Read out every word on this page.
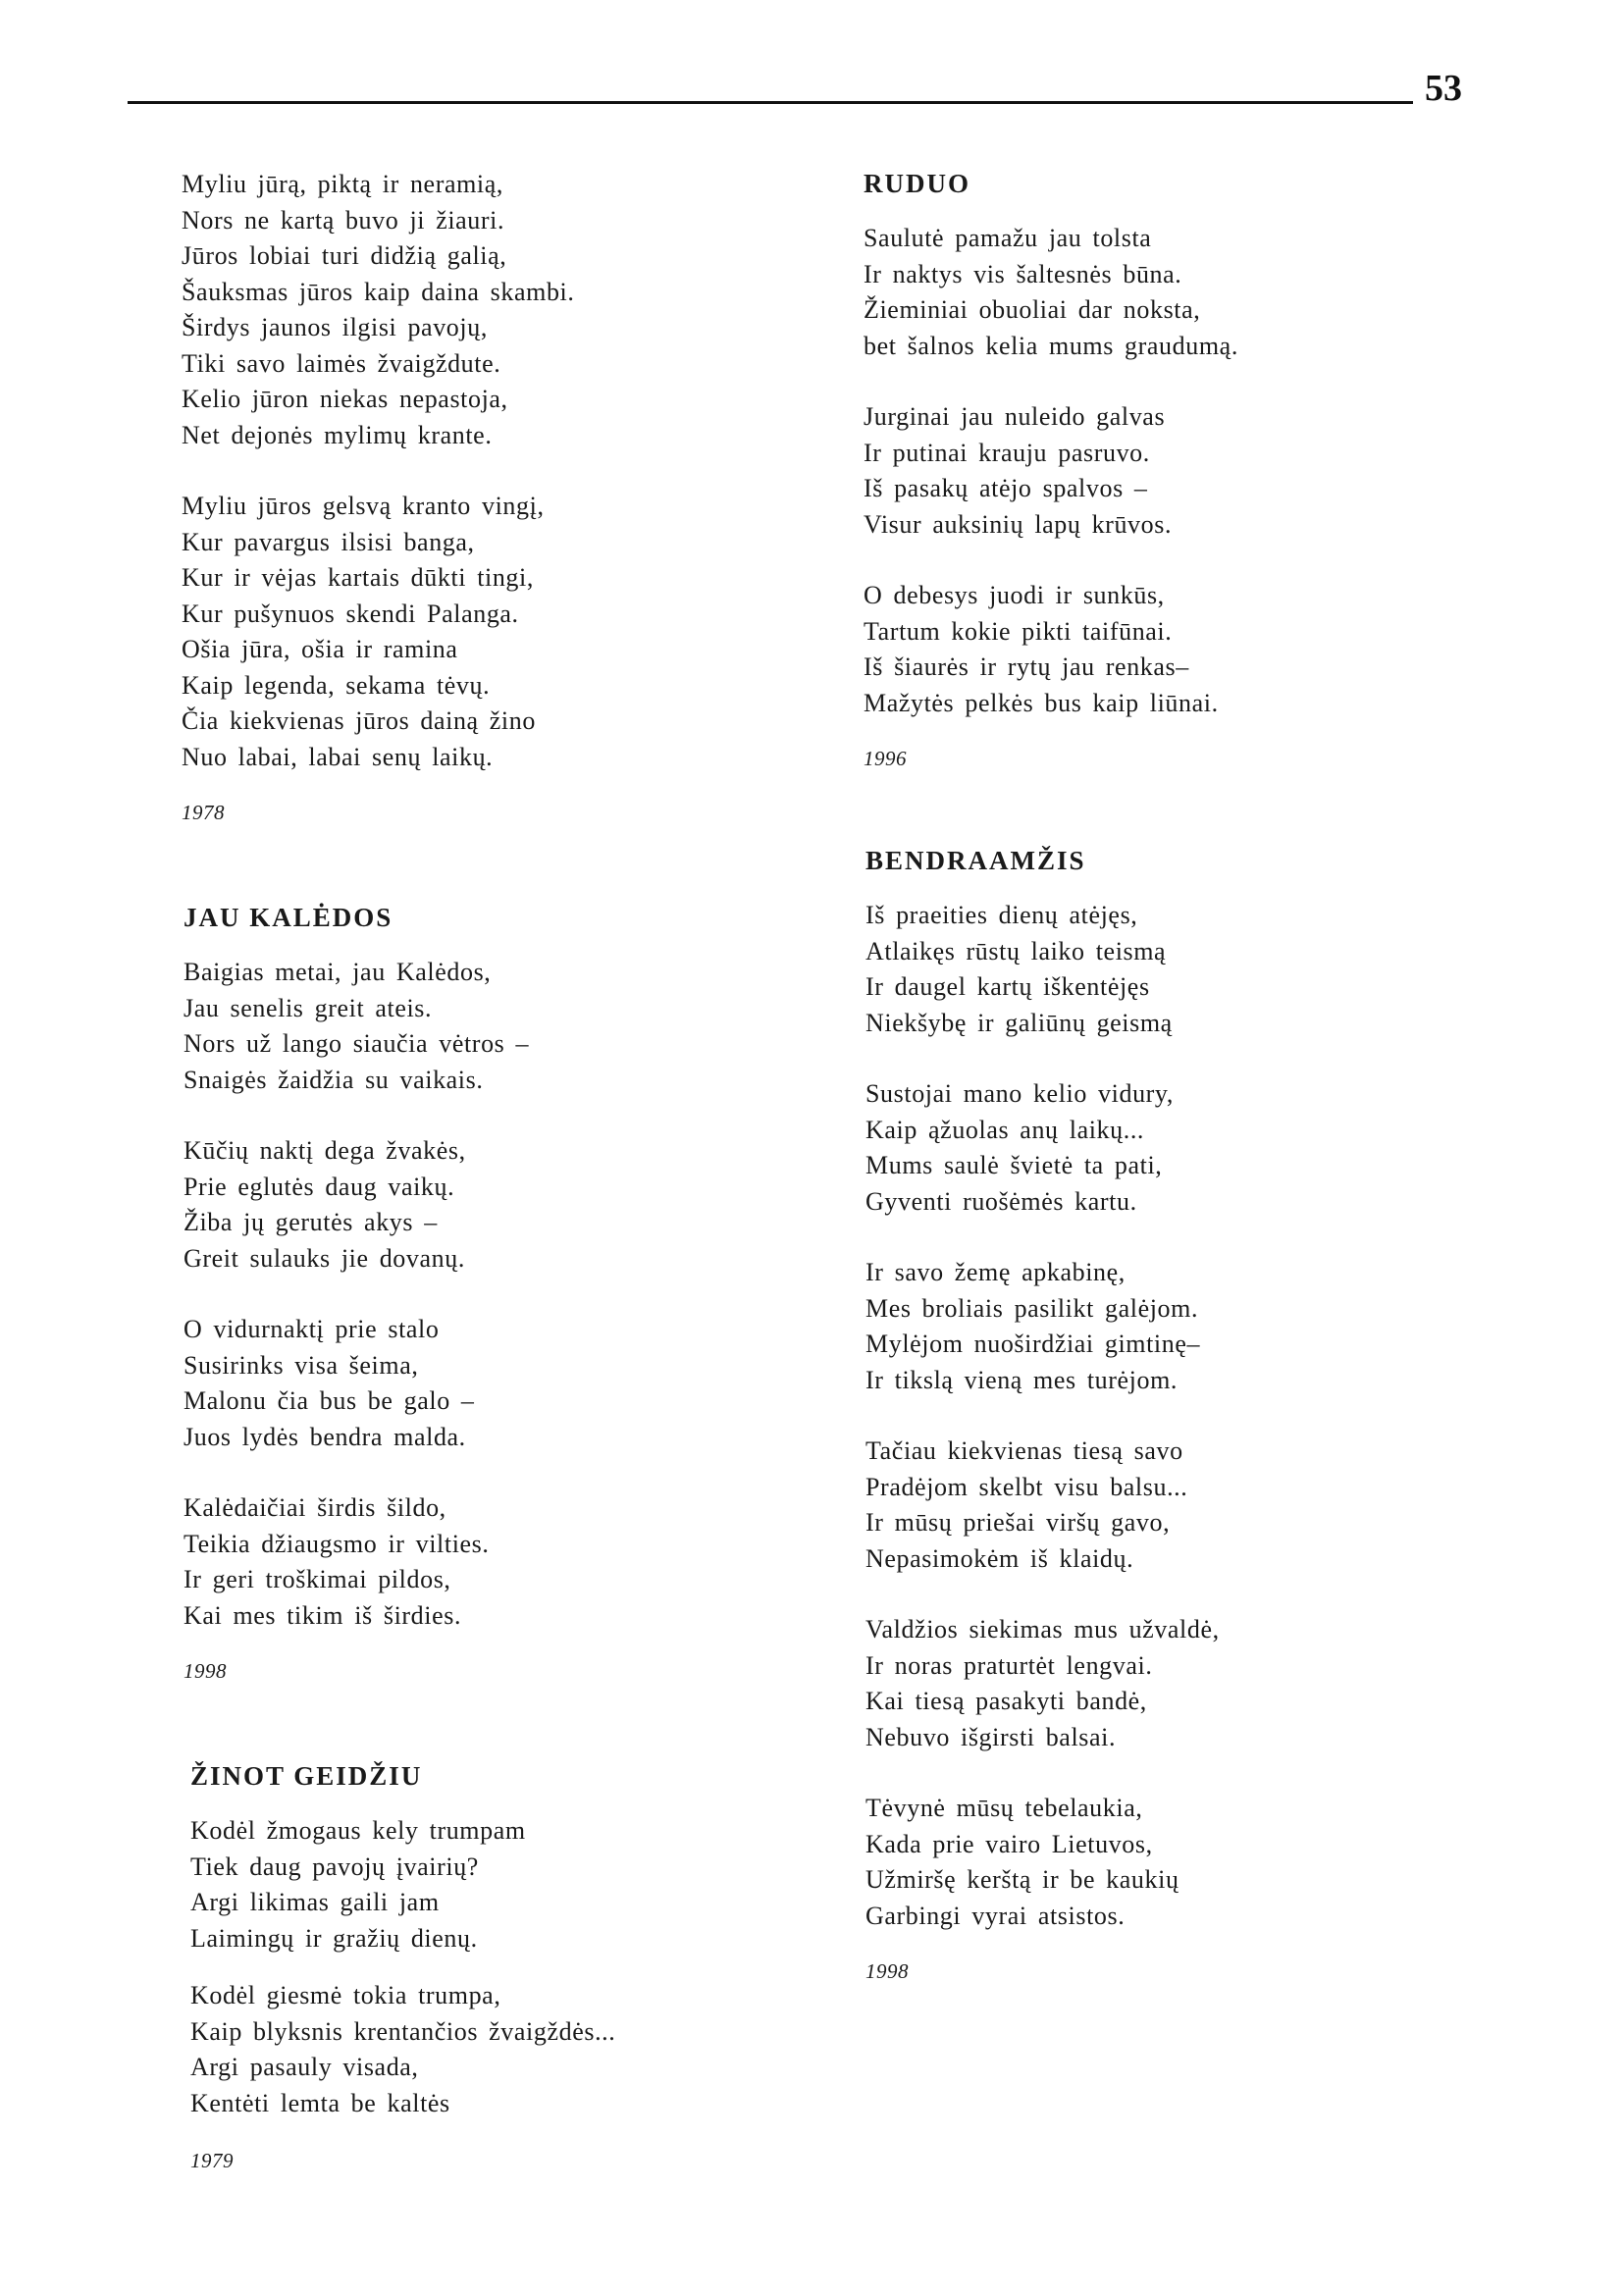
53
Myliu jūrą, piktą ir neramią,
Nors ne kartą buvo ji žiauri.
Jūros lobiai turi didžią galią,
Šauksmas jūros kaip daina skambi.
Širdys jaunos ilgisi pavojų,
Tiki savo laimės žvaigždute.
Kelio jūron niekas nepastoja,
Net dejonės mylimų krante.
Myliu jūros gelsvą kranto vingį,
Kur pavargus ilsisi banga,
Kur ir vėjas kartais dūkti tingi,
Kur pušynuos skendi Palanga.
Ošia jūra, ošia ir ramina
Kaip legenda, sekama tėvų.
Čia kiekvienas jūros dainą žino
Nuo labai, labai senų laikų.
1978
JAU KALĖDOS
Baigias metai, jau Kalėdos,
Jau senelis greit ateis.
Nors už lango siaučia vėtros –
Snaigės žaidžia su vaikais.
Kūčių naktį dega žvakės,
Prie eglutės daug vaikų.
Žiba jų gerutės akys –
Greit sulauks jie dovanų.
O vidurnaktį prie stalo
Susirinks visa šeima,
Malonu čia bus be galo –
Juos lydės bendra malda.
Kalėdaičiai širdis šildo,
Teikia džiaugsmo ir vilties.
Ir geri troškimai pildos,
Kai mes tikim iš širdies.
1998
ŽINOT GEIDŽIU
Kodėl žmogaus kely trumpam
Tiek daug pavojų įvairių?
Argi likimas gaili jam
Laimingų ir gražių dienų.
Kodėl giesmė tokia trumpa,
Kaip blyksnis krentančios žvaigždės...
Argi pasauly visada,
Kentėti lemta be kaltės
1979
RUDUO
Saulutė pamažu jau tolsta
Ir naktys vis šaltesnės būna.
Žieminiai obuoliai dar noksta,
bet šalnos kelia mums graudumą.
Jurginai jau nuleido galvas
Ir putinai krauju pasruvo.
Iš pasakų atėjo spalvos –
Visur auksinių lapų krūvos.
O debesys juodi ir sunkūs,
Tartum kokie pikti taifūnai.
Iš šiaurės ir rytų jau renkas–
Mažytės pelkės bus kaip liūnai.
1996
BENDRAAMŽIS
Iš praeities dienų atėjęs,
Atlaikęs rūstų laiko teismą
Ir daugel kartų iškentėjęs
Niekšybę ir galiūnų geismą
Sustojai mano kelio vidury,
Kaip ąžuolas anų laikų...
Mums saulė švietė ta pati,
Gyventi ruošėmės kartu.
Ir savo žemę apkabinę,
Mes broliais pasilikt galėjom.
Mylėjom nuoširdžiai gimtinę–
Ir tikslą vieną mes turėjom.
Tačiau kiekvienas tiesą savo
Pradėjom skelbt visu balsu...
Ir mūsų priešai viršų gavo,
Nepasimokėm iš klaidų.
Valdžios siekimas mus užvaldė,
Ir noras praturtėt lengvai.
Kai tiesą pasakyti bandė,
Nebuvo išgirsti balsai.
Tėvynė mūsų tebelaukia,
Kada prie vairo Lietuvos,
Užmiršę kerštą ir be kaukių
Garbingi vyrai atsistos.
1998
